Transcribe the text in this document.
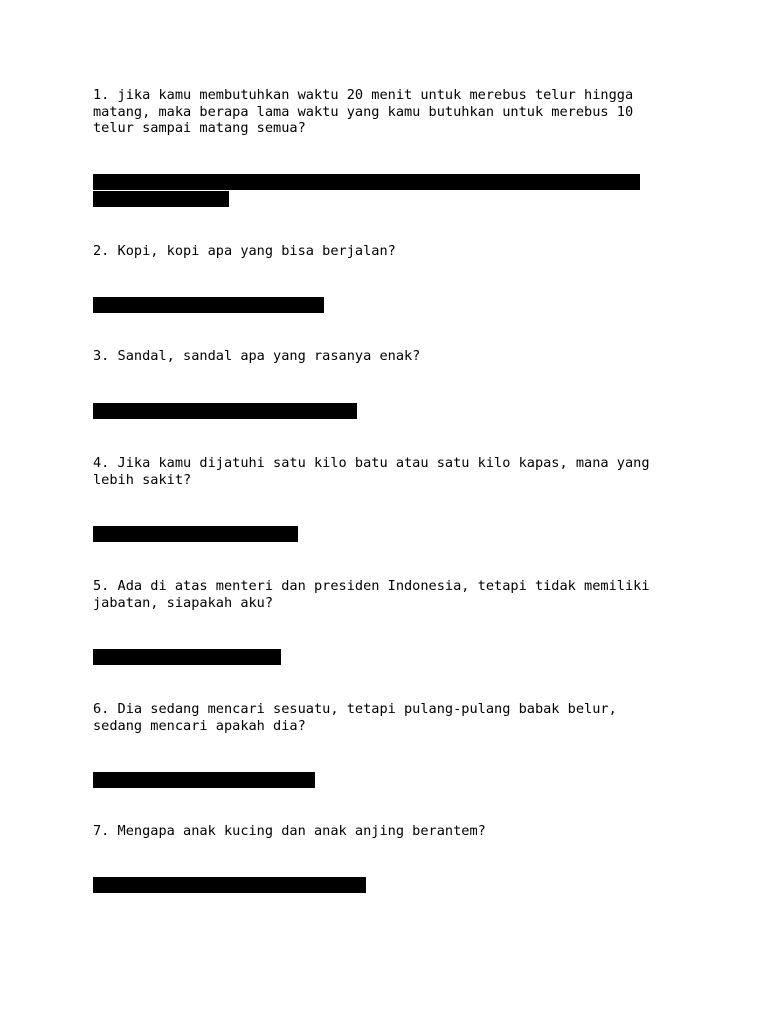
1. jika kamu membutuhkan waktu 20 menit untuk merebus telur hingga
matang, maka berapa lama waktu yang kamu butuhkan untuk merebus 10
telur sampai matang semua?

2. Kopi, kopi apa yang bisa berjalan?

3. Sandal, sandal apa yang rasanya enak?

4. Jika kamu dijatuhi satu kilo batu atau satu kilo kapas, mana yang
lebih sakit?

5. Ada di atas menteri dan presiden Indonesia, tetapi tidak memiliki
jabatan, siapakah aku?

6. Dia sedang mencari sesuatu, tetapi pulang-pulang babak belur,
sedang mencari apakah dia?

7. Mengapa anak kucing dan anak anjing berantem?
